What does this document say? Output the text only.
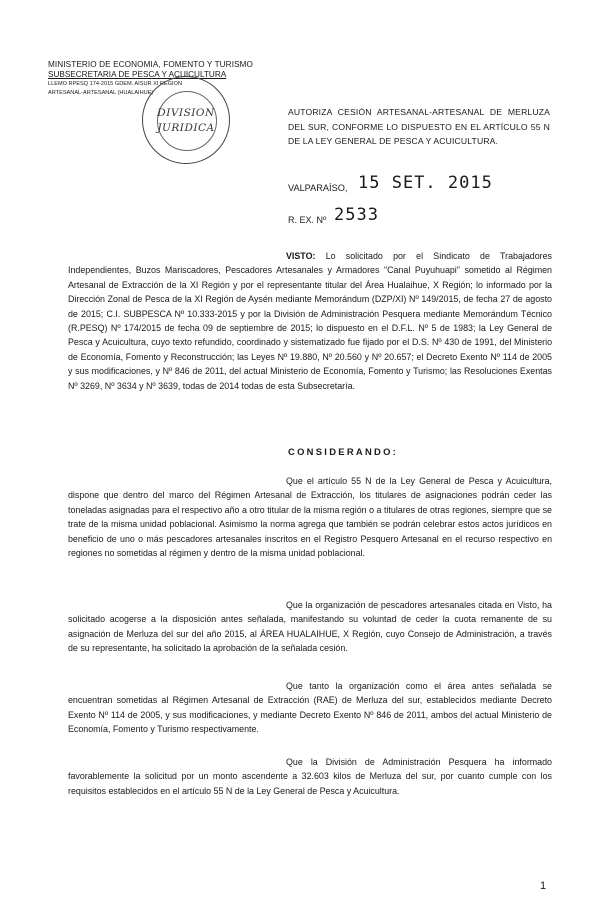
MINISTERIO DE ECONOMIA, FOMENTO Y TURISMO
SUBSECRETARIA DE PESCA Y ACUICULTURA
LLEMO RPESQ 174-2015 GDEM. AISUR XI REGION
ARTESANAL-ARTESANAL (HUALAIHUE)
DIVISION
JURIDICA
AUTORIZA CESIÓN ARTESANAL-ARTESANAL DE MERLUZA DEL SUR, CONFORME LO DISPUESTO EN EL ARTÍCULO 55 N DE LA LEY GENERAL DE PESCA Y ACUICULTURA.
VALPARAÍSO, 15 SET. 2015
R. EX. Nº 2533
VISTO: Lo solicitado por el Sindicato de Trabajadores Independientes, Buzos Mariscadores, Pescadores Artesanales y Armadores "Canal Puyuhuapi" sometido al Régimen Artesanal de Extracción de la XI Región y por el representante titular del Área Hualaihue, X Región; lo informado por la Dirección Zonal de Pesca de la XI Región de Aysén mediante Memorándum (DZP/XI) Nº 149/2015, de fecha 27 de agosto de 2015; C.I. SUBPESCA Nº 10.333-2015 y por la División de Administración Pesquera mediante Memorándum Técnico (R.PESQ) Nº 174/2015 de fecha 09 de septiembre de 2015; lo dispuesto en el D.F.L. Nº 5 de 1983; la Ley General de Pesca y Acuicultura, cuyo texto refundido, coordinado y sistematizado fue fijado por el D.S. Nº 430 de 1991, del Ministerio de Economía, Fomento y Reconstrucción; las Leyes Nº 19.880, Nº 20.560 y Nº 20.657; el Decreto Exento Nº 114 de 2005 y sus modificaciones, y Nº 846 de 2011, del actual Ministerio de Economía, Fomento y Turismo; las Resoluciones Exentas Nº 3269, Nº 3634 y Nº 3639, todas de 2014 todas de esta Subsecretaría.
CONSIDERANDO:
Que el artículo 55 N de la Ley General de Pesca y Acuicultura, dispone que dentro del marco del Régimen Artesanal de Extracción, los titulares de asignaciones podrán ceder las toneladas asignadas para el respectivo año a otro titular de la misma región o a titulares de otras regiones, siempre que se trate de la misma unidad poblacional. Asimismo la norma agrega que también se podrán celebrar estos actos jurídicos en beneficio de uno o más pescadores artesanales inscritos en el Registro Pesquero Artesanal en el recurso respectivo en regiones no sometidas al régimen y dentro de la misma unidad poblacional.
Que la organización de pescadores artesanales citada en Visto, ha solicitado acogerse a la disposición antes señalada, manifestando su voluntad de ceder la cuota remanente de su asignación de Merluza del sur del año 2015, al ÁREA HUALAIHUE, X Región, cuyo Consejo de Administración, a través de su representante, ha solicitado la aprobación de la señalada cesión.
Que tanto la organización como el área antes señalada se encuentran sometidas al Régimen Artesanal de Extracción (RAE) de Merluza del sur, establecidos mediante Decreto Exento Nº 114 de 2005, y sus modificaciones, y mediante Decreto Exento Nº 846 de 2011, ambos del actual Ministerio de Economía, Fomento y Turismo respectivamente.
Que la División de Administración Pesquera ha informado favorablemente la solicitud por un monto ascendente a 32.603 kilos de Merluza del sur, por cuanto cumple con los requisitos establecidos en el artículo 55 N de la Ley General de Pesca y Acuicultura.
1
